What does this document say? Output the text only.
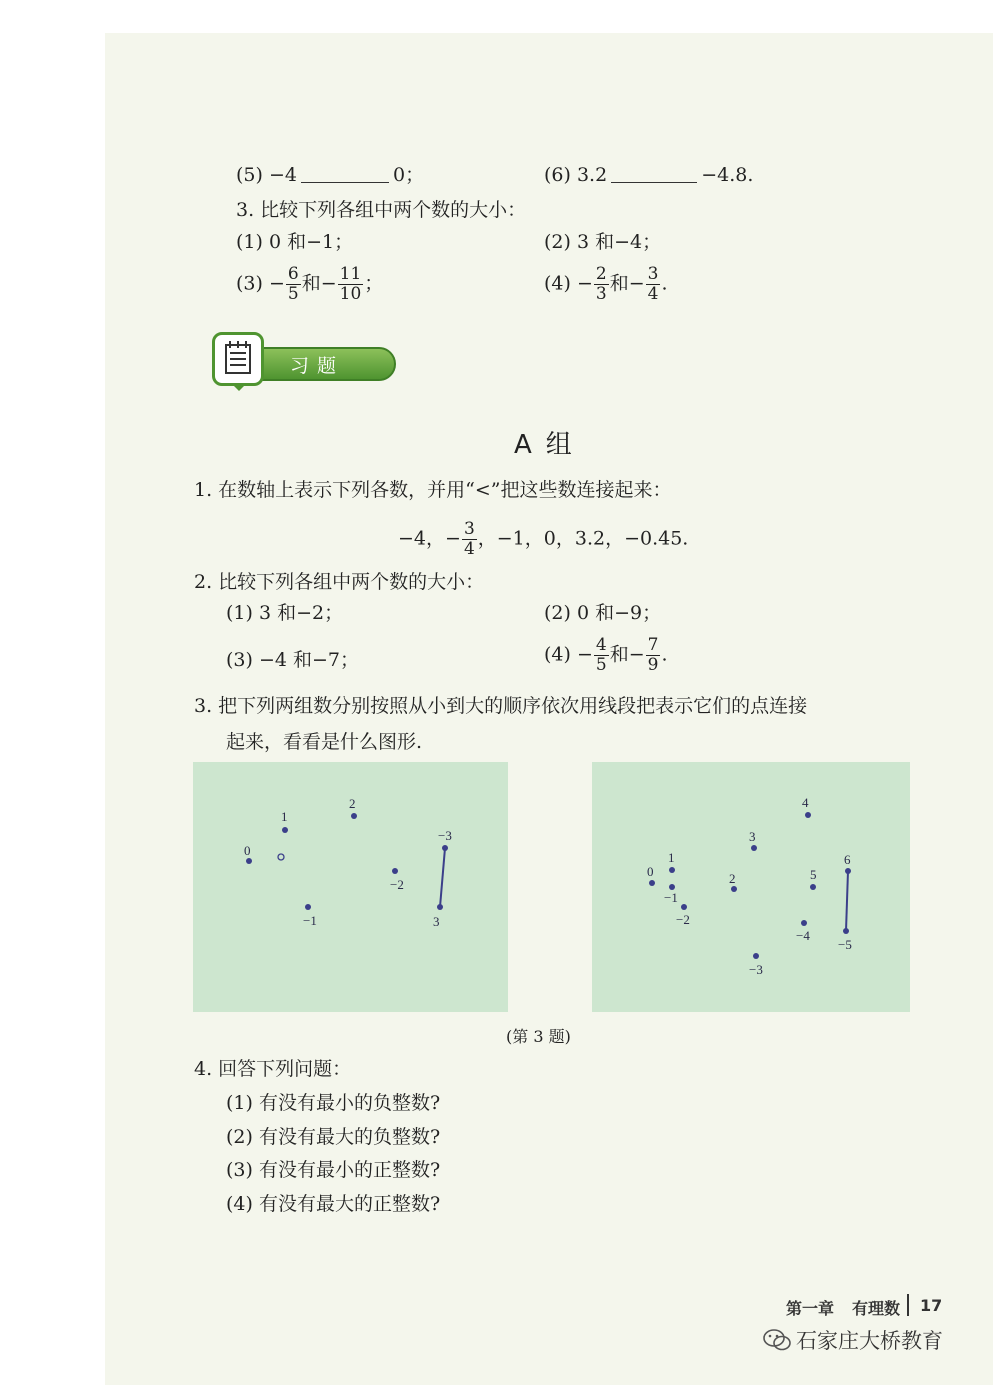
(5) −4	0；	(6) 3.2	−4.8.
3. 比较下列各组中两个数的大小：
(1) 0 和−1；	(2) 3 和−4；
$(3) - \frac{6}{5}$ 和− $\frac{11}{10}$ ；	$(4) - \frac{2}{3}$ 和− $\frac{3}{4}$ .
习题
A组
1. 在数轴上表示下列各数，并用“<”把这些数连接起来：
−4，− $\frac{3}{4}$ ，−1，0，3.2，−0.45.
2. 比较下列各组中两个数的大小：
(1) 3 和−2；	(2) 0 和−9；
(3) −4 和−7；	$(4) - \frac{4}{5}$ 和− $\frac{7}{9}$ .
3. 把下列两组数分别按照从小到大的顺序依次用线段把表示它们的点连接
起来，看看是什么图形.
0
1
2
−3
−2
−1	3
0
1
−1
−2
2
3
4
5
6
−4
−3
−5
(第 3 题)
4. 回答下列问题：
(1) 有没有最小的负整数?
(2) 有没有最大的负整数?
(3) 有没有最小的正整数?
(4) 有没有最大的正整数?
第一章 有理数 17
石家庄大桥教育
